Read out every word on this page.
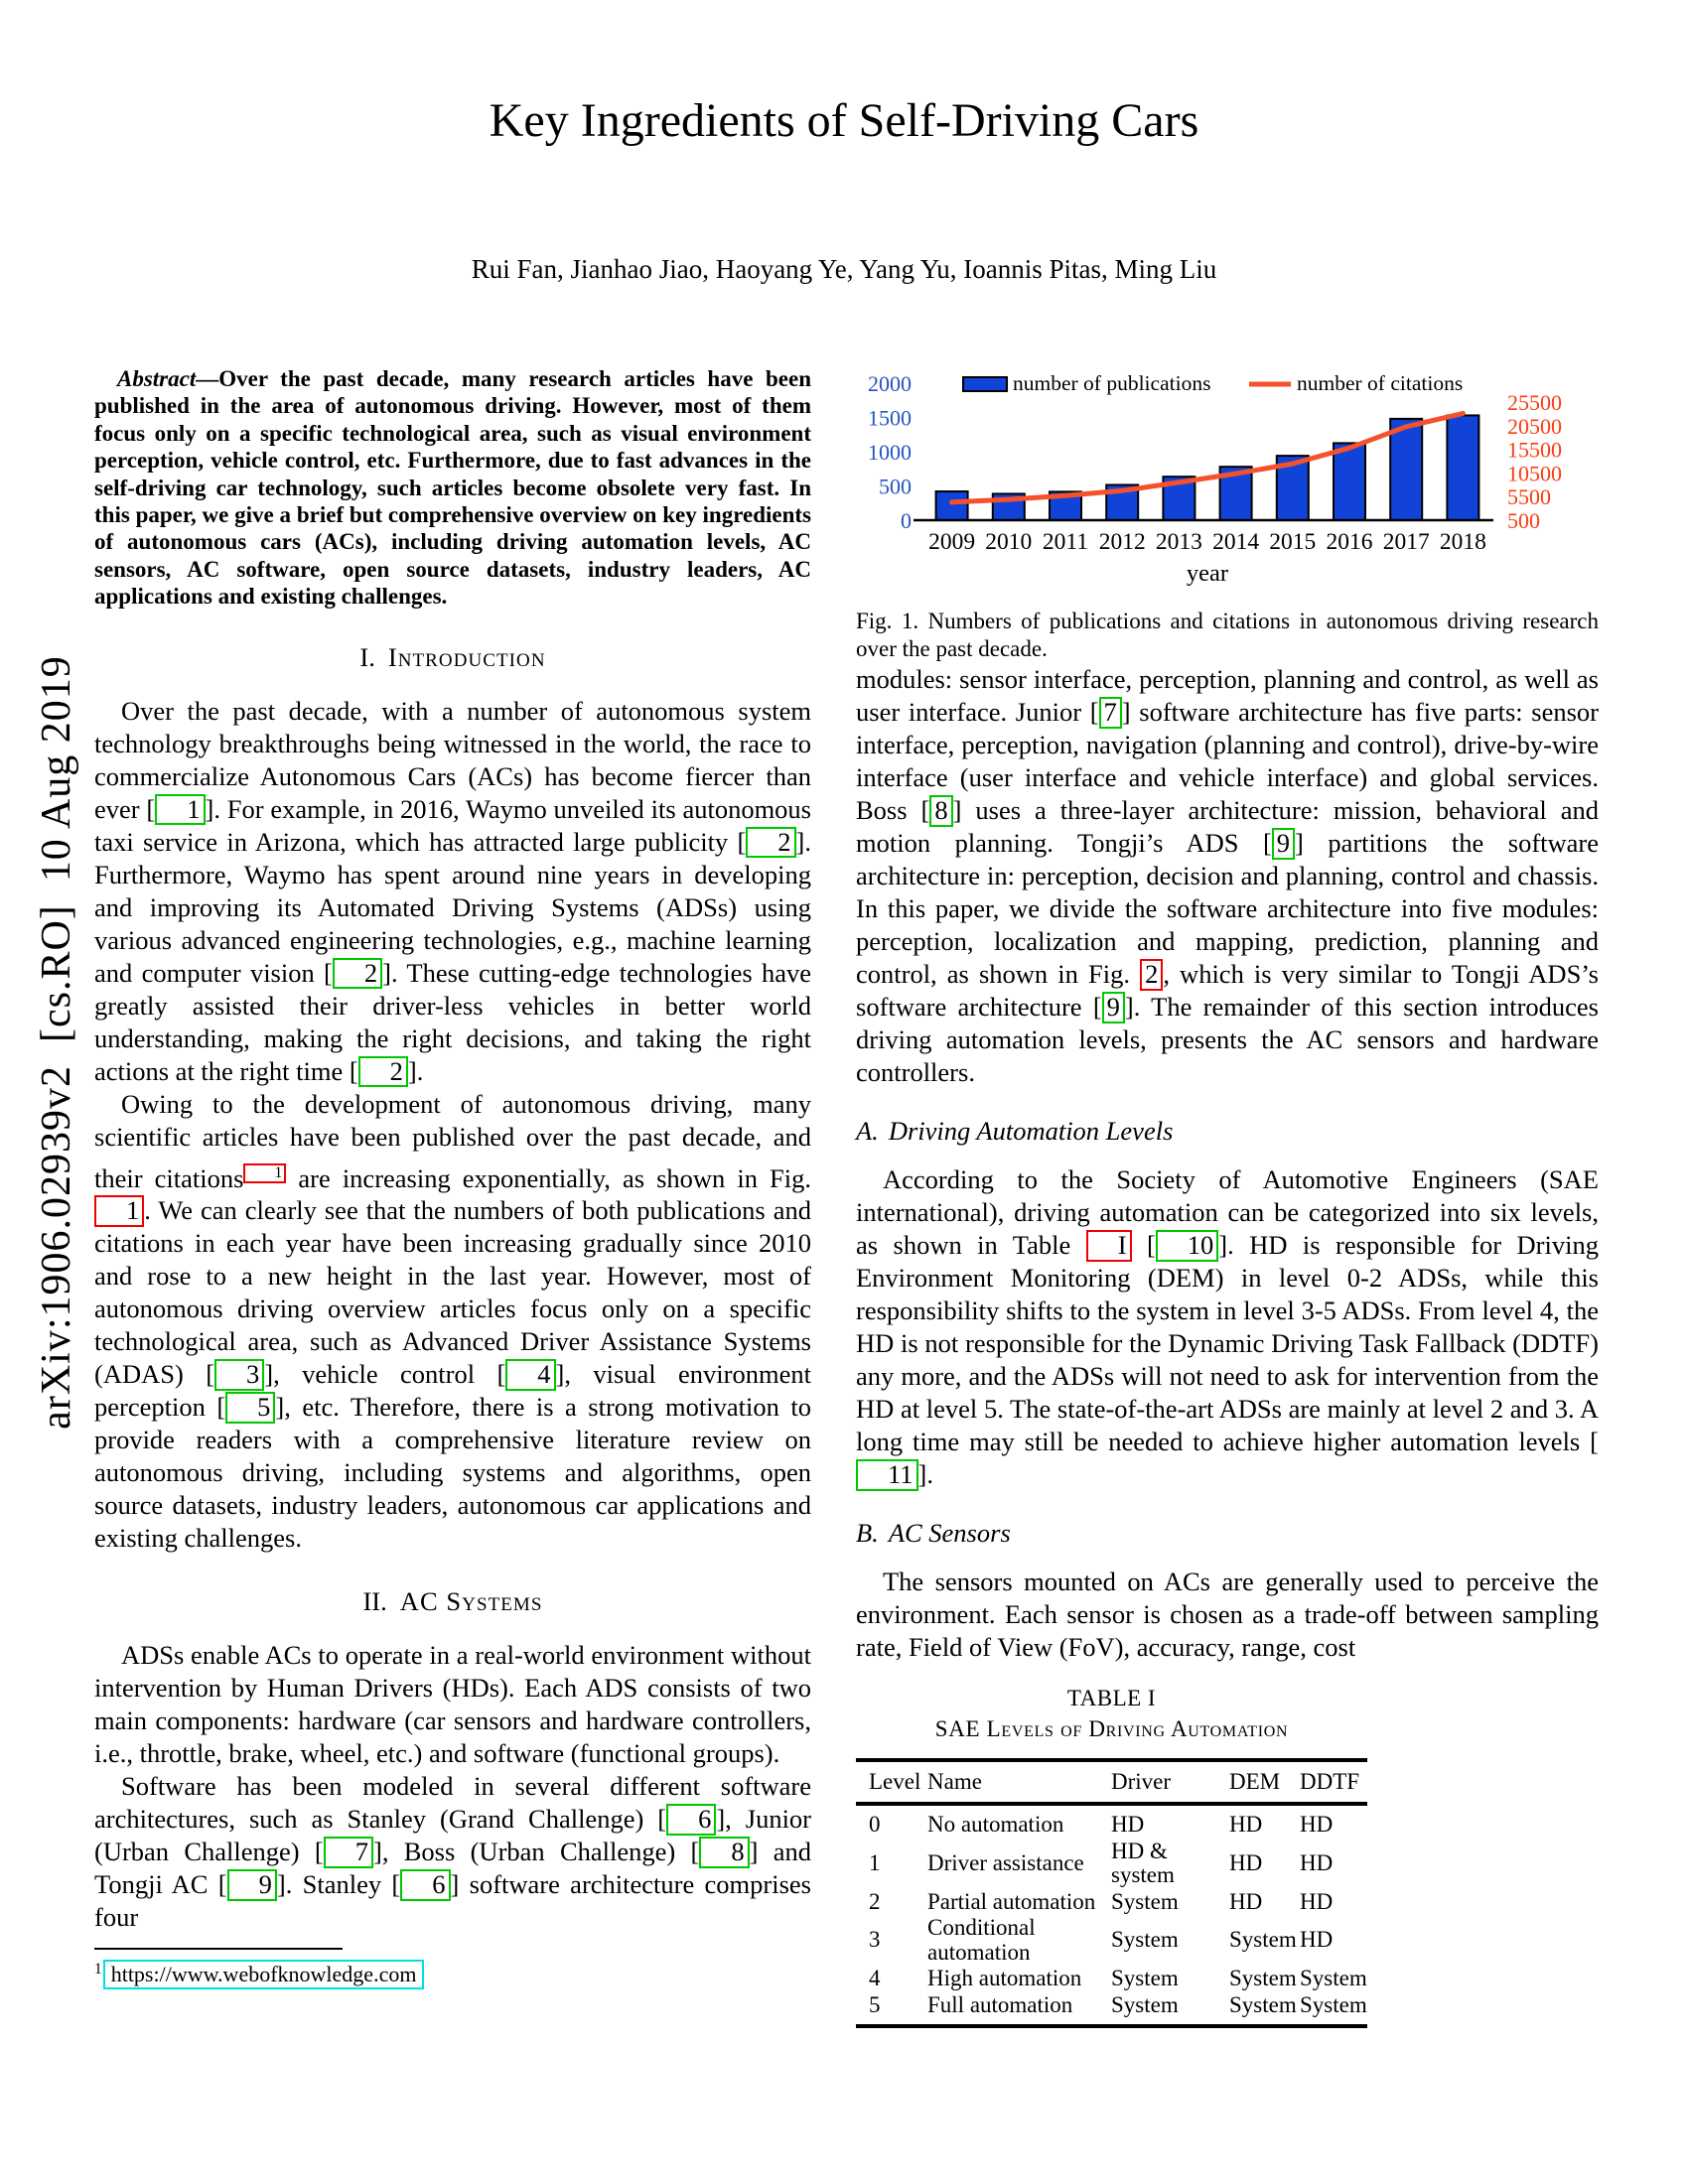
arXiv:1906.02939v2  [cs.RO]  10 Aug 2019
Key Ingredients of Self-Driving Cars
Rui Fan, Jianhao Jiao, Haoyang Ye, Yang Yu, Ioannis Pitas, Ming Liu

Abstract—Over the past decade, many research articles have been published in the area of autonomous driving. However, most of them focus only on a specific technological area, such as visual environment perception, vehicle control, etc. Furthermore, due to fast advances in the self-driving car technology, such articles become obsolete very fast. In this paper, we give a brief but comprehensive overview on key ingredients of autonomous cars (ACs), including driving automation levels, AC sensors, AC software, open source datasets, industry leaders, AC applications and existing challenges.

I. Introduction

Over the past decade, with a number of autonomous system technology breakthroughs being witnessed in the world, the race to commercialize Autonomous Cars (ACs) has become fiercer than ever [ 1 ]. For example, in 2016, Waymo unveiled its autonomous taxi service in Arizona, which has attracted large publicity [ 2 ]. Furthermore, Waymo has spent around nine years in developing and improving its Automated Driving Systems (ADSs) using various advanced engineering technologies, e.g., machine learning and computer vision [ 2 ]. These cutting-edge technologies have greatly assisted their driver-less vehicles in better world understanding, making the right decisions, and taking the right actions at the right time [ 2 ].

Owing to the development of autonomous driving, many scientific articles have been published over the past decade, and their citations $^1$ are increasing exponentially, as shown in Fig. 1 . We can clearly see that the numbers of both publications and citations in each year have been increasing gradually since 2010 and rose to a new height in the last year. However, most of autonomous driving overview articles focus only on a specific technological area, such as Advanced Driver Assistance Systems (ADAS) [ 3 ], vehicle control [ 4 ], visual environment perception [ 5 ], etc. Therefore, there is a strong motivation to provide readers with a comprehensive literature review on autonomous driving, including systems and algorithms, open source datasets, industry leaders, autonomous car applications and existing challenges.

II. AC Systems

ADSs enable ACs to operate in a real-world environment without intervention by Human Drivers (HDs). Each ADS consists of two main components: hardware (car sensors and hardware controllers, i.e., throttle, brake, wheel, etc.) and software (functional groups).

Software has been modeled in several different software architectures, such as Stanley (Grand Challenge) [ 6 ], Junior (Urban Challenge) [ 7 ], Boss (Urban Challenge) [ 8 ] and Tongji AC [ 9 ]. Stanley [ 6 ] software architecture comprises four

$^1$ https://www.webofknowledge.com
0
500
1000
1500
2000
500
5500
10500
15500
20500
25500
2009 2010 2011 2012 2013 2014 2015 2016 2017 2018
year
number of publications	number of citations
Fig. 1. Numbers of publications and citations in autonomous driving research over the past decade.

modules: sensor interface, perception, planning and control, as well as user interface. Junior [ 7 ] software architecture has five parts: sensor interface, perception, navigation (planning and control), drive-by-wire interface (user interface and vehicle interface) and global services. Boss [ 8 ] uses a three-layer architecture: mission, behavioral and motion planning. Tongji’s ADS [ 9 ] partitions the software architecture in: perception, decision and planning, control and chassis. In this paper, we divide the software architecture into five modules: perception, localization and mapping, prediction, planning and control, as shown in Fig. 2 , which is very similar to Tongji ADS’s software architecture [ 9 ]. The remainder of this section introduces driving automation levels, presents the AC sensors and hardware controllers.

A. Driving Automation Levels

According to the Society of Automotive Engineers (SAE international), driving automation can be categorized into six levels, as shown in Table I [ 10 ]. HD is responsible for Driving Environment Monitoring (DEM) in level 0-2 ADSs, while this responsibility shifts to the system in level 3-5 ADSs. From level 4, the HD is not responsible for the Dynamic Driving Task Fallback (DDTF) any more, and the ADSs will not need to ask for intervention from the HD at level 5. The state-of-the-art ADSs are mainly at level 2 and 3. A long time may still be needed to achieve higher automation levels [11 ].

B. AC Sensors

The sensors mounted on ACs are generally used to perceive the environment. Each sensor is chosen as a trade-off between sampling rate, Field of View (FoV), accuracy, range, cost

TABLE I
SAE Levels of Driving Automation
Level	Name	Driver	DEM	DDTF
0	No automation	HD	HD	HD
1	Driver assistance	HD & system	HD	HD
2	Partial automation	System	HD	HD
3	Conditional automation	System	System	HD
4	High automation	System	System	System
5	Full automation	System	System	System
